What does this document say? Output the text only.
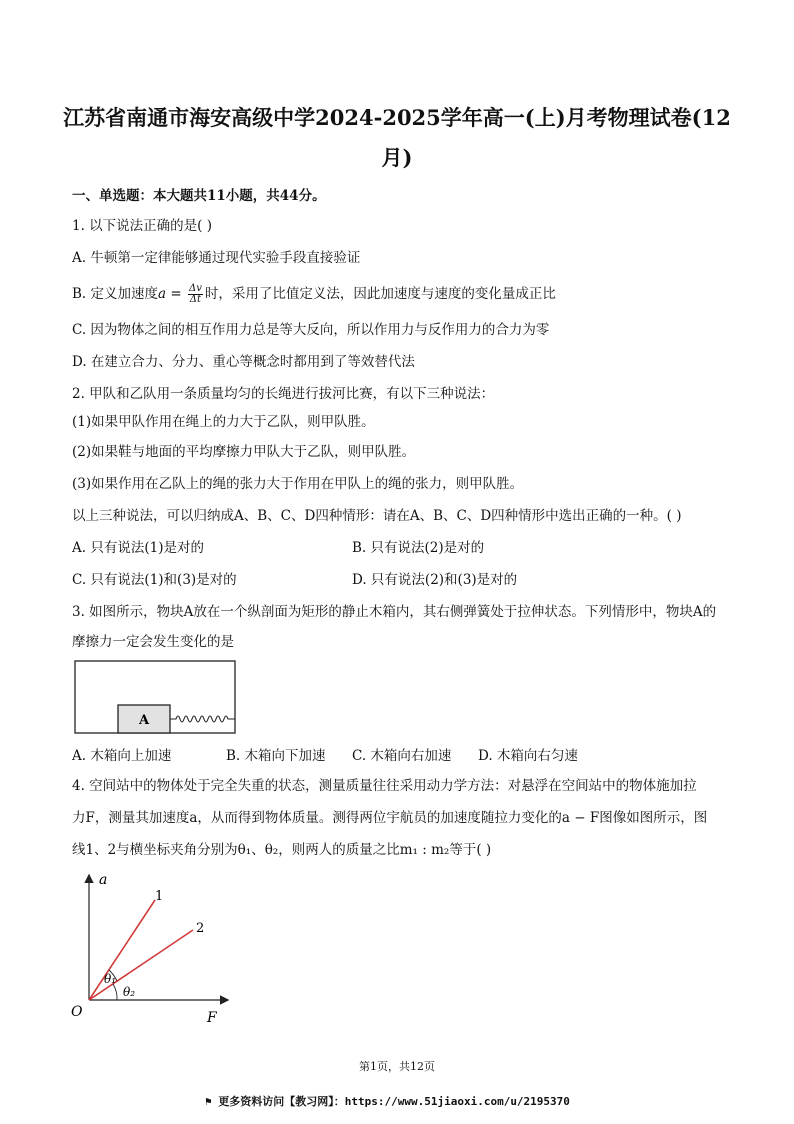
江苏省南通市海安高级中学2024-2025学年高一(上)月考物理试卷(12
月)
一、单选题：本大题共11小题，共44分。
1. 以下说法正确的是( )
A. 牛顿第一定律能够通过现代实验手段直接验证
B. 定义加速度$a = \frac{\Delta v}{\Delta t}$ 时，采用了比值定义法，因此加速度与速度的变化量成正比
C. 因为物体之间的相互作用力总是等大反向，所以作用力与反作用力的合力为零
D. 在建立合力、分力、重心等概念时都用到了等效替代法
2. 甲队和乙队用一条质量均匀的长绳进行拔河比赛，有以下三种说法：
(1)如果甲队作用在绳上的力大于乙队，则甲队胜。
(2)如果鞋与地面的平均摩擦力甲队大于乙队，则甲队胜。
(3)如果作用在乙队上的绳的张力大于作用在甲队上的绳的张力，则甲队胜。
以上三种说法，可以归纳成A、B、C、D四种情形：请在A、B、C、D四种情形中选出正确的一种。( )
A. 只有说法(1)是对的	B. 只有说法(2)是对的
C. 只有说法(1)和(3)是对的	D. 只有说法(2)和(3)是对的
3. 如图所示，物块A放在一个纵剖面为矩形的静止木箱内，其右侧弹簧处于拉伸状态。下列情形中，物块A的
摩擦力一定会发生变化的是
A
A. 木箱向上加速	B. 木箱向下加速 C. 木箱向右加速 D. 木箱向右匀速
4. 空间站中的物体处于完全失重的状态，测量质量往往采用动力学方法：对悬浮在空间站中的物体施加拉
力F，测量其加速度a，从而得到物体质量。测得两位宇航员的加速度随拉力变化的a − F图像如图所示，图
线1、2与横坐标夹角分别为θ₁、θ₂，则两人的质量之比m₁ : m₂等于( )
a
F
O
1
2
θ₁
θ₂
第1页，共12页
⚑ 更多资料访问【教习网】：https://www.51jiaoxi.com/u/2195370
